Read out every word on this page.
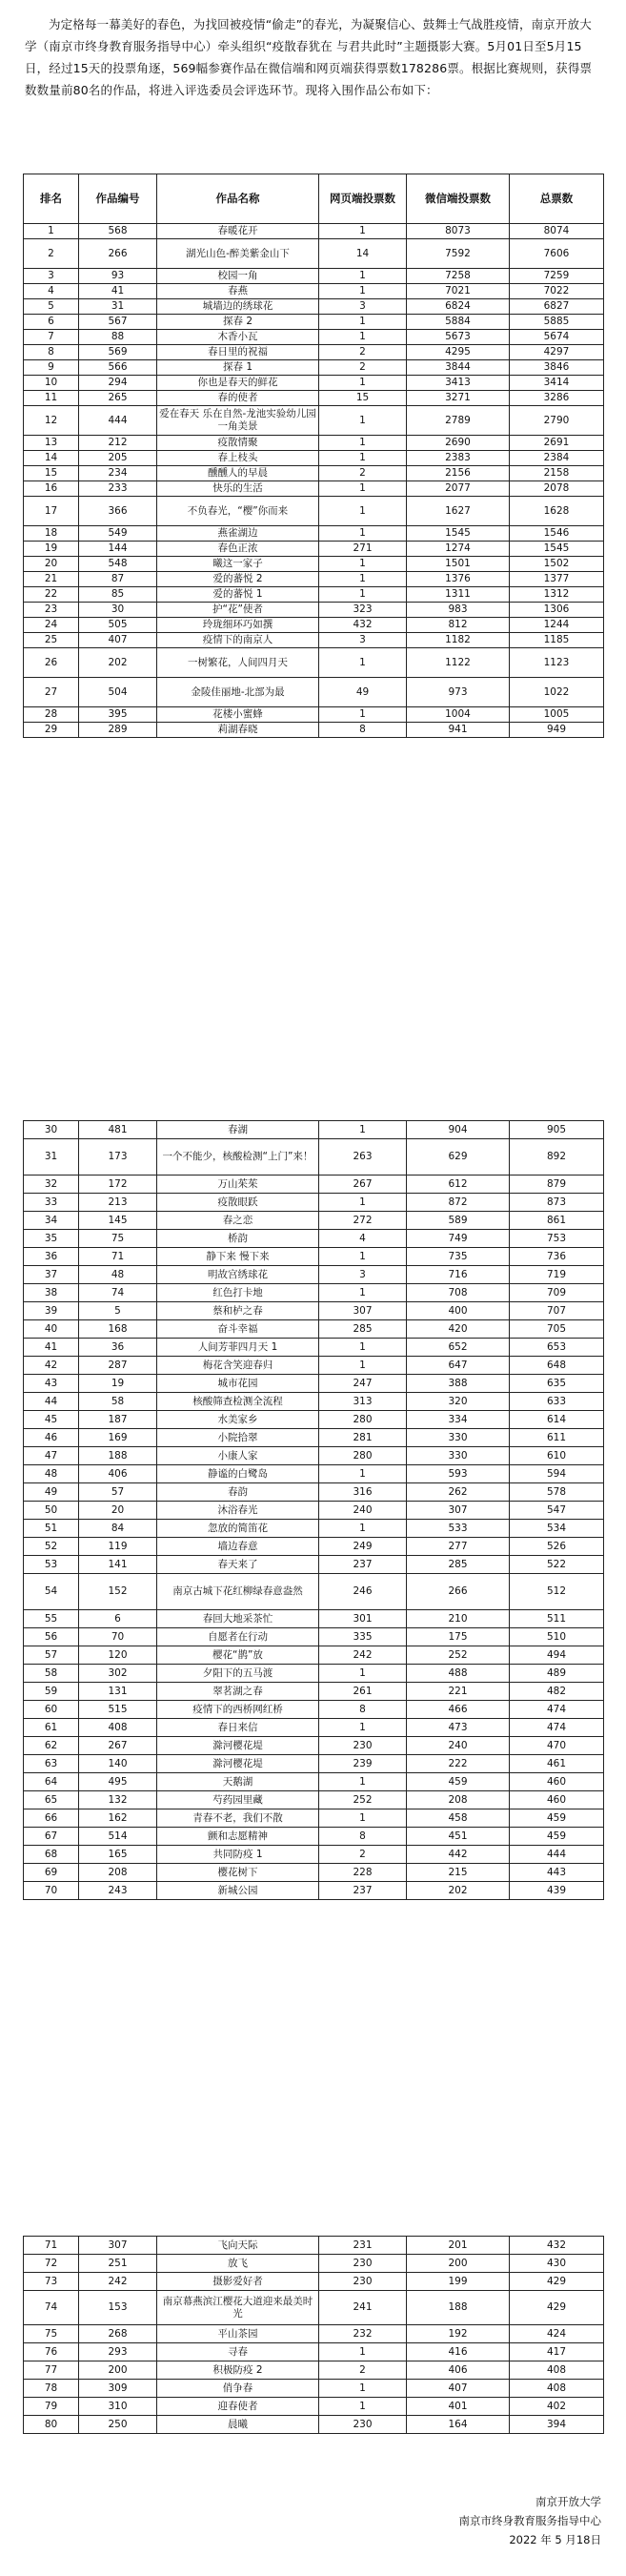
为定格每一幕美好的春色，为找回被疫情“偷走”的春光，为凝聚信心、鼓舞士气战胜疫情，南京开放大学（南京市终身教育服务指导中心）牵头组织“疫散春犹在 与君共此时”主题摄影大赛。5月01日至5月15日，经过15天的投票角逐，569幅参赛作品在微信端和网页端获得票数178286票。根据比赛规则，获得票数数量前80名的作品，将进入评选委员会评选环节。现将入围作品公布如下：

排名	作品编号	作品名称	网页端投票数	微信端投票数	总票数
1	568	春暖花开	1	8073	8074
2	266	湖光山色-醉美紫金山下	14	7592	7606
3	93	校园一角	1	7258	7259
4	41	春燕	1	7021	7022
5	31	城墙边的绣球花	3	6824	6827
6	567	探春 2	1	5884	5885
7	88	木香小瓦	1	5673	5674
8	569	春日里的祝福	2	4295	4297
9	566	探春 1	2	3844	3846
10	294	你也是春天的鲜花	1	3413	3414
11	265	春的使者	15	3271	3286
12	444	爱在春天 乐在自然-龙池实验幼儿园一角美景	1	2789	2790
13	212	疫散情聚	1	2690	2691
14	205	春上枝头	1	2383	2384
15	234	醺醺人的早晨	2	2156	2158
16	233	快乐的生活	1	2077	2078
17	366	不负春光，“樱”你而来	1	1627	1628
18	549	燕雀湖边	1	1545	1546
19	144	春色正浓	271	1274	1545
20	548	曦这一家子	1	1501	1502
21	87	爱的蕃悦 2	1	1376	1377
22	85	爱的蕃悦 1	1	1311	1312
23	30	护“花”使者	323	983	1306
24	505	玲珑细环巧如撰	432	812	1244
25	407	疫情下的南京人	3	1182	1185
26	202	一树繁花，人间四月天	1	1122	1123
27	504	金陵佳丽地-北部为最	49	973	1022
28	395	花楼小蜜蜂	1	1004	1005
29	289	莉湖春晓	8	941	949
30	481	春湖	1	904	905
31	173	一个不能少，核酸检测“上门”来！	263	629	892
32	172	万山茱茱	267	612	879
33	213	疫散眼跃	1	872	873
34	145	春之恋	272	589	861
35	75	桥韵	4	749	753
36	71	静下来 慢下来	1	735	736
37	48	明故宫绣球花	3	716	719
38	74	红色打卡地	1	708	709
39	5	蔡和栌之春	307	400	707
40	168	奋斗幸福	285	420	705
41	36	人间芳菲四月天 1	1	652	653
42	287	梅花含笑迎春归	1	647	648
43	19	城市花园	247	388	635
44	58	核酸筛查检测全流程	313	320	633
45	187	水美家乡	280	334	614
46	169	小院拾翠	281	330	611
47	188	小康人家	280	330	610
48	406	静谧的白鹭岛	1	593	594
49	57	春韵	316	262	578
50	20	沐浴春光	240	307	547
51	84	忽放的简笛花	1	533	534
52	119	墙边春意	249	277	526
53	141	春天来了	237	285	522
54	152	南京古城下花红柳绿春意盎然	246	266	512
55	6	春回大地采茶忙	301	210	511
56	70	自愿者在行动	335	175	510
57	120	樱花“鹊”放	242	252	494
58	302	夕阳下的五马渡	1	488	489
59	131	翠茗湖之春	261	221	482
60	515	疫情下的西桥网红桥	8	466	474
61	408	春日来信	1	473	474
62	267	滁河樱花堤	230	240	470
63	140	滁河樱花堤	239	222	461
64	495	天鹅湖	1	459	460
65	132	芍药园里藏	252	208	460
66	162	青春不老，我们不散	1	458	459
67	514	颤和志愿精神	8	451	459
68	165	共同防疫 1	2	442	444
69	208	樱花树下	228	215	443
70	243	新城公园	237	202	439
71	307	飞向天际	231	201	432
72	251	放飞	230	200	430
73	242	摄影爱好者	230	199	429
74	153	南京幕燕滨江樱花大道迎来最美时光	241	188	429
75	268	平山茶园	232	192	424
76	293	寻春	1	416	417
77	200	积极防疫 2	2	406	408
78	309	俏争春	1	407	408
79	310	迎春使者	1	401	402
80	250	晨曦	230	164	394
南京开放大学
南京市终身教育服务指导中心
2022 年 5 月18日
